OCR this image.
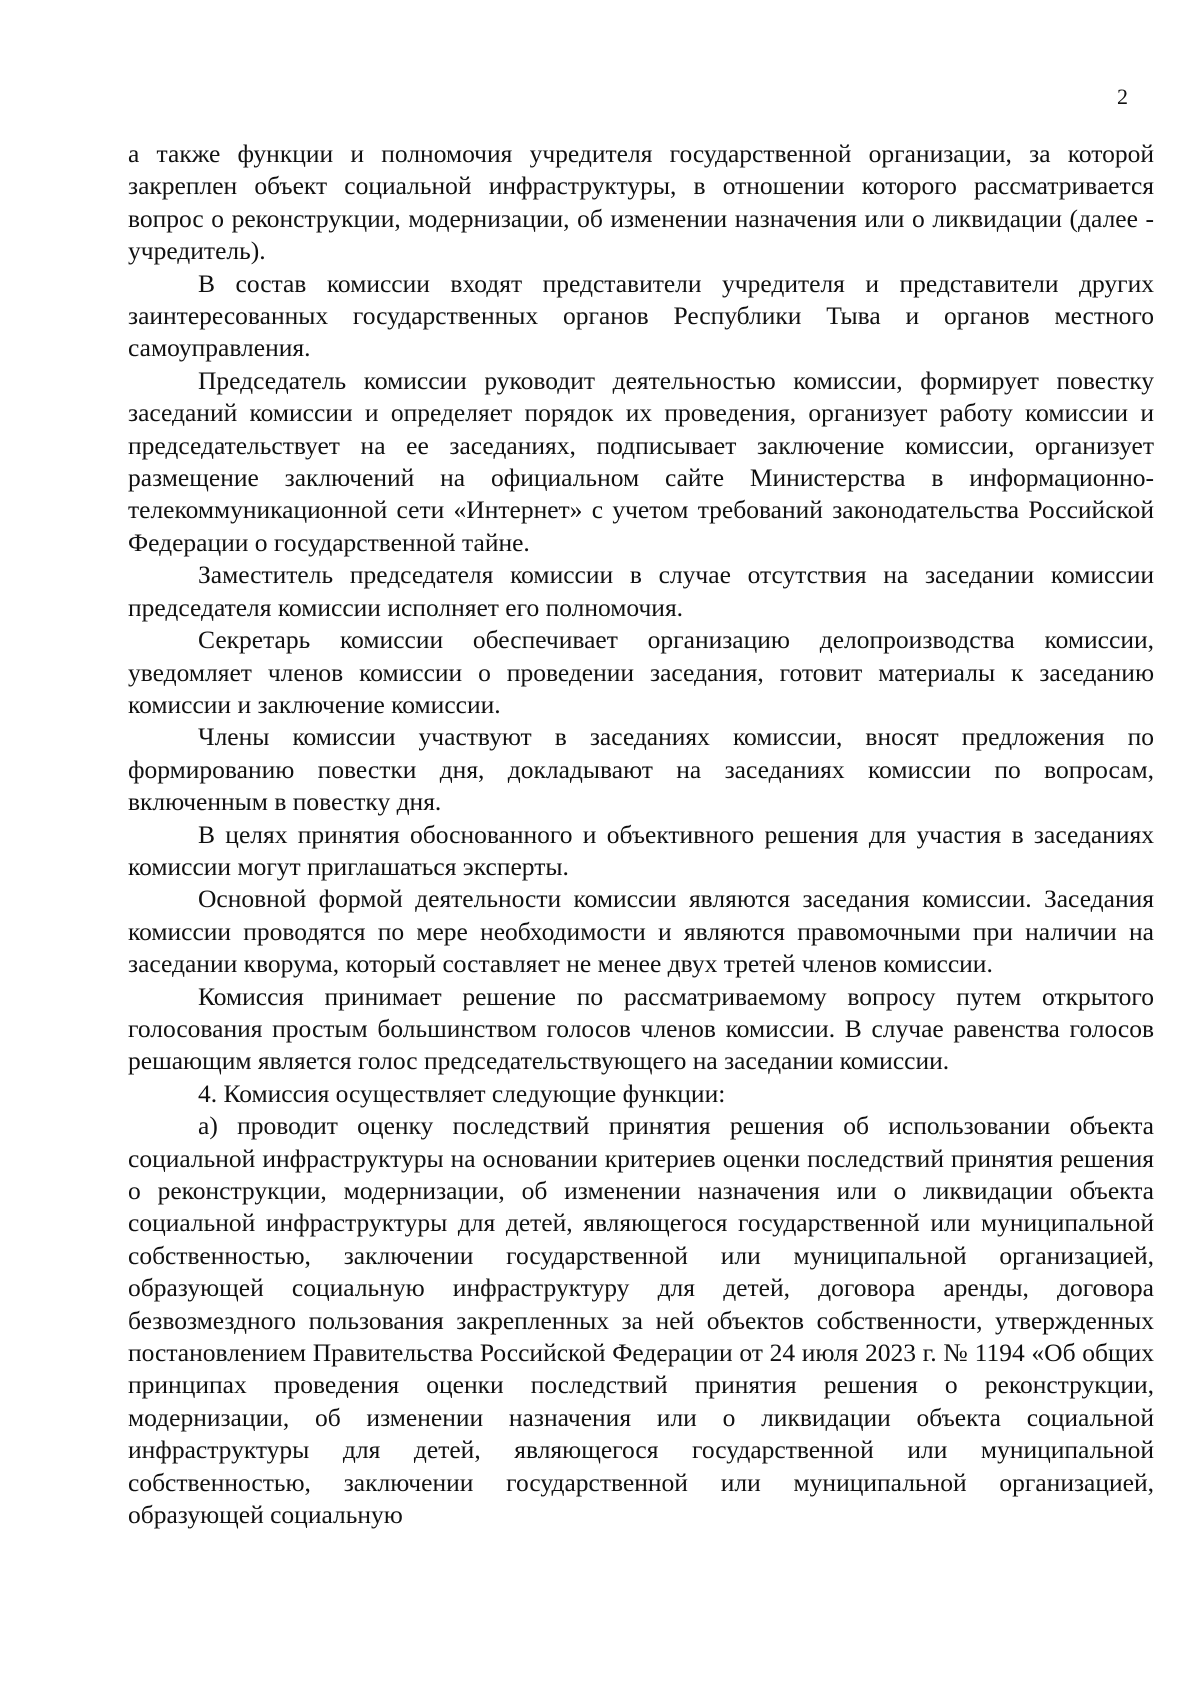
2

а также функции и полномочия учредителя государственной организации, за которой закреплен объект социальной инфраструктуры, в отношении которого рассматривается вопрос о реконструкции, модернизации, об изменении назначения или о ликвидации (далее - учредитель).

В состав комиссии входят представители учредителя и представители других заинтересованных государственных органов Республики Тыва и органов местного самоуправления.

Председатель комиссии руководит деятельностью комиссии, формирует повестку заседаний комиссии и определяет порядок их проведения, организует работу комиссии и председательствует на ее заседаниях, подписывает заключение комиссии, организует размещение заключений на официальном сайте Министерства в информационно-телекоммуникационной сети «Интернет» с учетом требований законодательства Российской Федерации о государственной тайне.

Заместитель председателя комиссии в случае отсутствия на заседании комиссии председателя комиссии исполняет его полномочия.

Секретарь комиссии обеспечивает организацию делопроизводства комиссии, уведомляет членов комиссии о проведении заседания, готовит материалы к заседанию комиссии и заключение комиссии.

Члены комиссии участвуют в заседаниях комиссии, вносят предложения по формированию повестки дня, докладывают на заседаниях комиссии по вопросам, включенным в повестку дня.

В целях принятия обоснованного и объективного решения для участия в заседаниях комиссии могут приглашаться эксперты.

Основной формой деятельности комиссии являются заседания комиссии. Заседания комиссии проводятся по мере необходимости и являются правомочными при наличии на заседании кворума, который составляет не менее двух третей членов комиссии.

Комиссия принимает решение по рассматриваемому вопросу путем открытого голосования простым большинством голосов членов комиссии. В случае равенства голосов решающим является голос председательствующего на заседании комиссии.

4. Комиссия осуществляет следующие функции:

а) проводит оценку последствий принятия решения об использовании объекта социальной инфраструктуры на основании критериев оценки последствий принятия решения о реконструкции, модернизации, об изменении назначения или о ликвидации объекта социальной инфраструктуры для детей, являющегося государственной или муниципальной собственностью, заключении государственной или муниципальной организацией, образующей социальную инфраструктуру для детей, договора аренды, договора безвозмездного пользования закрепленных за ней объектов собственности, утвержденных постановлением Правительства Российской Федерации от 24 июля 2023 г. № 1194 «Об общих принципах проведения оценки последствий принятия решения о реконструкции, модернизации, об изменении назначения или о ликвидации объекта социальной инфраструктуры для детей, являющегося государственной или муниципальной собственностью, заключении государственной или муниципальной организацией, образующей социальную
